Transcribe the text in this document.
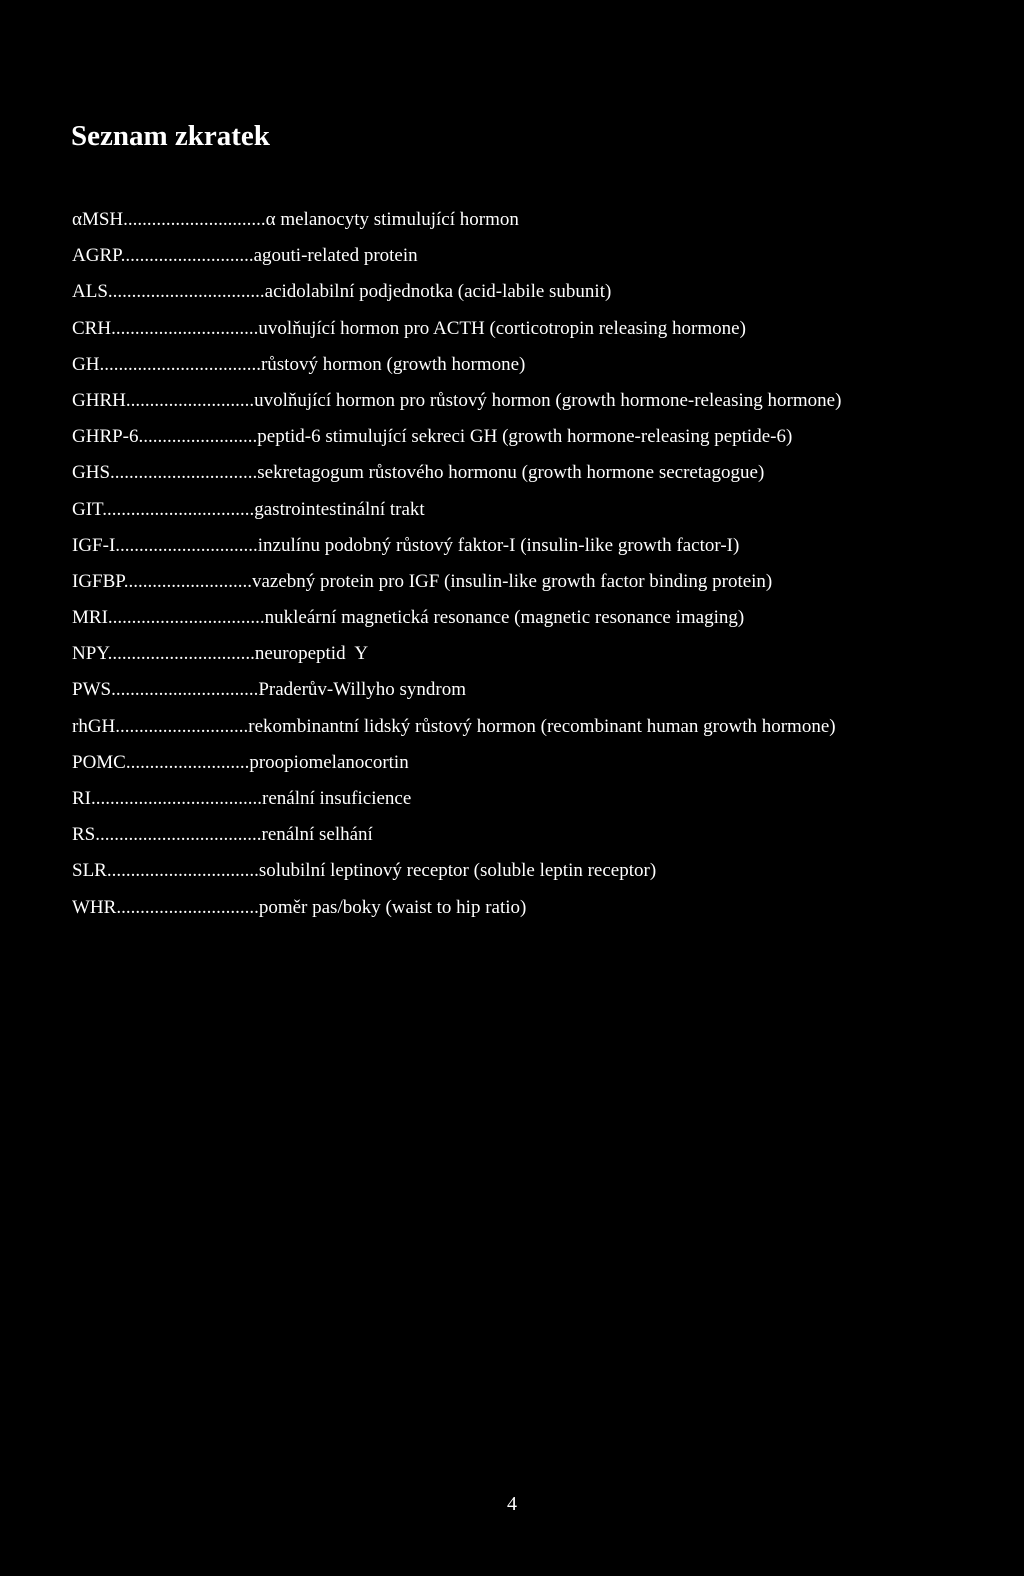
Seznam zkratek
αMSH..............................α melanocyty stimulující hormon
AGRP............................agouti-related protein
ALS.................................acidolabilní podjednotka (acid-labile subunit)
CRH...............................uvolňující hormon pro ACTH (corticotropin releasing hormone)
GH..................................růstový hormon (growth hormone)
GHRH...........................uvolňující hormon pro růstový hormon (growth hormone-releasing hormone)
GHRP-6.........................peptid-6 stimulující sekreci GH (growth hormone-releasing peptide-6)
GHS...............................sekretagogum růstového hormonu (growth hormone secretagogue)
GIT................................gastrointestinální trakt
IGF-I..............................inzulínu podobný růstový faktor-I (insulin-like growth factor-I)
IGFBP...........................vazebný protein pro IGF (insulin-like growth factor binding protein)
MRI.................................nukleární magnetická resonance (magnetic resonance imaging)
NPY...............................neuropeptid  Y
PWS...............................Praderův-Willyho syndrom
rhGH............................rekombinantní lidský růstový hormon (recombinant human growth hormone)
POMC..........................proopiomelanocortin
RI....................................renální insuficience
RS...................................renální selhání
SLR................................solubilní leptinový receptor (soluble leptin receptor)
WHR..............................poměr pas/boky (waist to hip ratio)
4
